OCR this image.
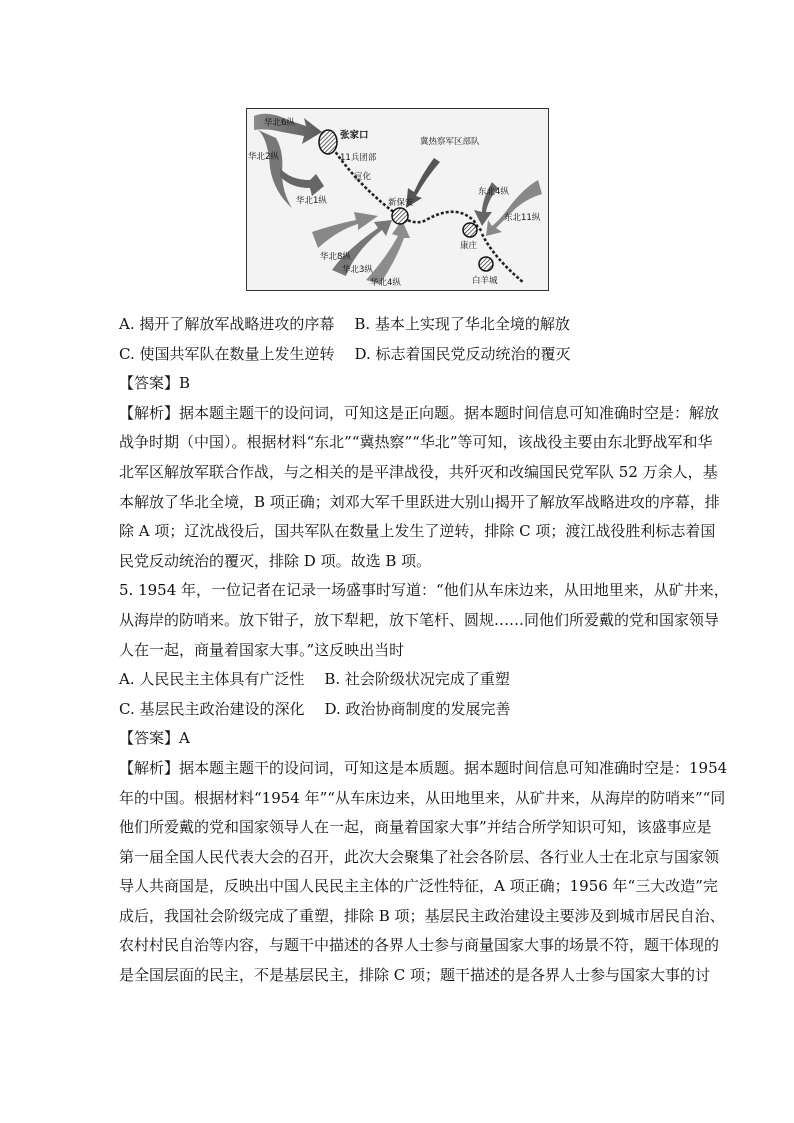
华北6纵
华北2纵
华北1纵
张家口
11兵团部
宣化
冀热察军区部队
新保安
东北4纵
东北11纵
康庄
白羊城
华北8纵
华北3纵
华北4纵
A. 揭开了解放军战略进攻的序幕 B. 基本上实现了华北全境的解放
C. 使国共军队在数量上发生逆转 D. 标志着国民党反动统治的覆灭
【答案】B
【解析】据本题主题干的设问词，可知这是正向题。据本题时间信息可知准确时空是：解放
战争时期（中国）。根据材料“东北”“冀热察”“华北”等可知，该战役主要由东北野战军和华
北军区解放军联合作战，与之相关的是平津战役，共歼灭和改编国民党军队 52 万余人，基
本解放了华北全境，B 项正确；刘邓大军千里跃进大别山揭开了解放军战略进攻的序幕，排
除 A 项；辽沈战役后，国共军队在数量上发生了逆转，排除 C 项；渡江战役胜利标志着国
民党反动统治的覆灭，排除 D 项。故选 B 项。
5. 1954 年，一位记者在记录一场盛事时写道：“他们从车床边来，从田地里来，从矿井来，
从海岸的防哨来。放下钳子，放下犁耙，放下笔杆、圆规……同他们所爱戴的党和国家领导
人在一起，商量着国家大事。”这反映出当时
A. 人民民主主体具有广泛性 B. 社会阶级状况完成了重塑
C. 基层民主政治建设的深化 D. 政治协商制度的发展完善
【答案】A
【解析】据本题主题干的设问词，可知这是本质题。据本题时间信息可知准确时空是：1954
年的中国。根据材料“1954 年”“从车床边来，从田地里来，从矿井来，从海岸的防哨来”“同
他们所爱戴的党和国家领导人在一起，商量着国家大事”并结合所学知识可知，该盛事应是
第一届全国人民代表大会的召开，此次大会聚集了社会各阶层、各行业人士在北京与国家领
导人共商国是，反映出中国人民民主主体的广泛性特征，A 项正确；1956 年“三大改造”完
成后，我国社会阶级完成了重塑，排除 B 项；基层民主政治建设主要涉及到城市居民自治、
农村村民自治等内容，与题干中描述的各界人士参与商量国家大事的场景不符，题干体现的
是全国层面的民主，不是基层民主，排除 C 项；题干描述的是各界人士参与国家大事的讨
